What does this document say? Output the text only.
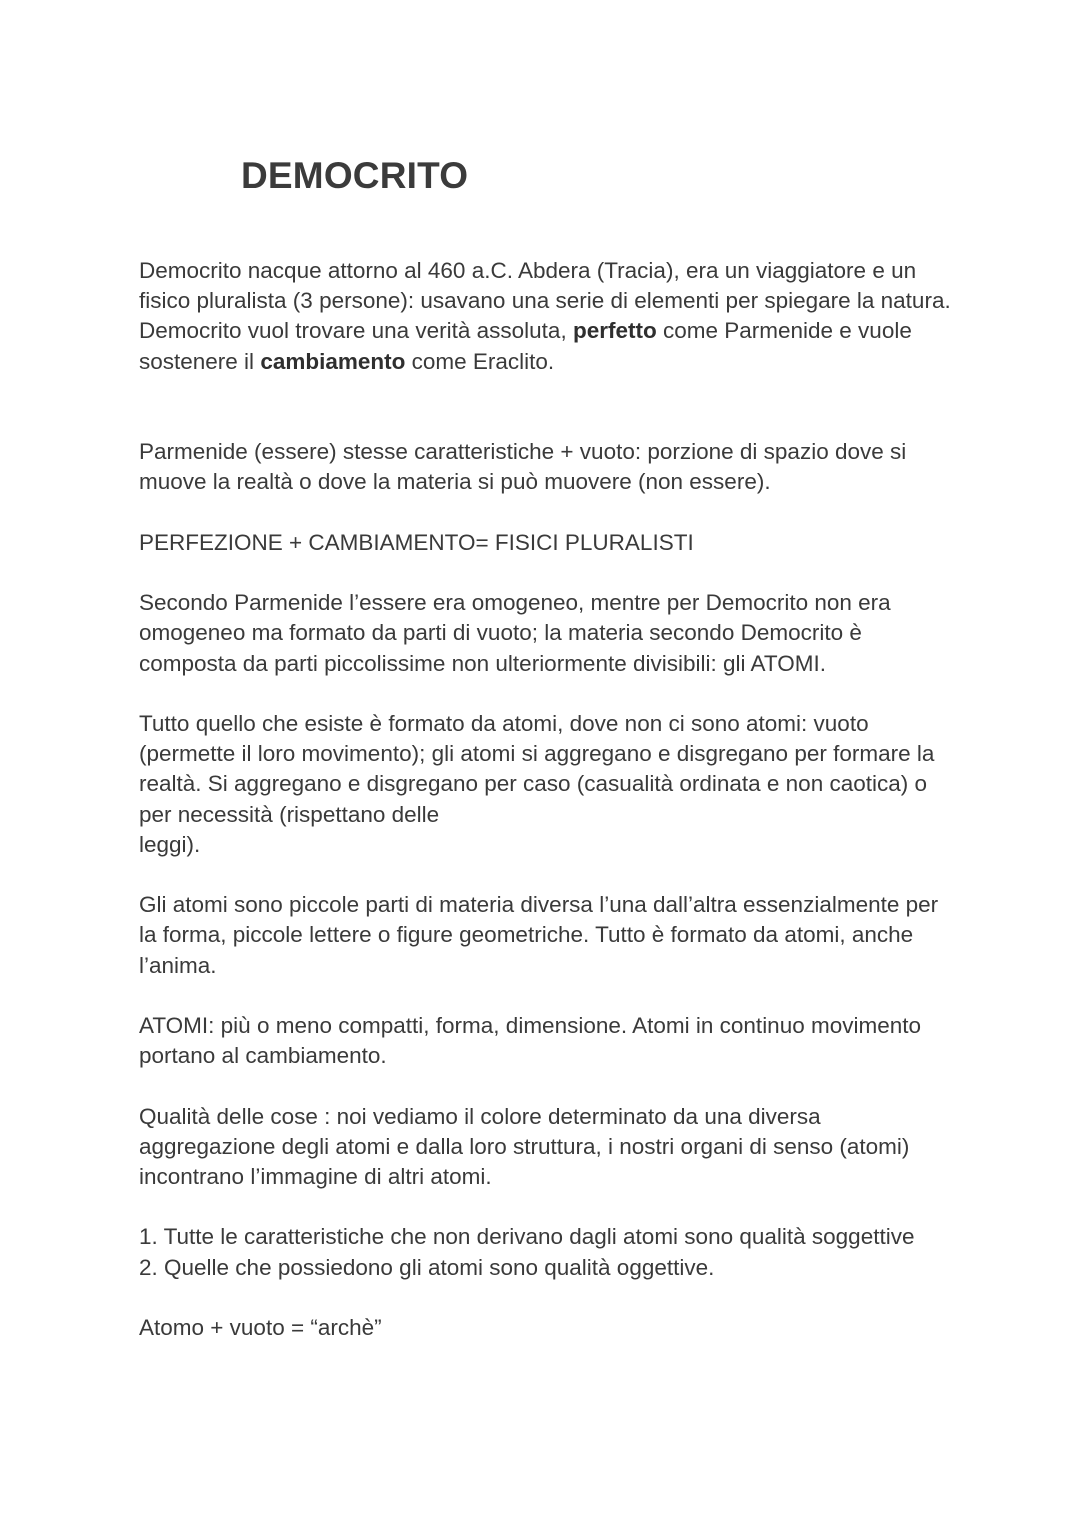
DEMOCRITO

Democrito nacque attorno al 460 a.C. Abdera (Tracia), era un viaggiatore e un fisico pluralista (3 persone): usavano una serie di elementi per spiegare la natura. Democrito vuol trovare una verità assoluta, perfetto come Parmenide e vuole sostenere il cambiamento come Eraclito.

Parmenide (essere) stesse caratteristiche + vuoto: porzione di spazio dove si muove la realtà o dove la materia si può muovere (non essere).

PERFEZIONE + CAMBIAMENTO= FISICI PLURALISTI

Secondo Parmenide l’essere era omogeneo, mentre per Democrito non era omogeneo ma formato da parti di vuoto; la materia secondo Democrito è composta da parti piccolissime non ulteriormente divisibili: gli ATOMI.

Tutto quello che esiste è formato da atomi, dove non ci sono atomi: vuoto (permette il loro movimento); gli atomi si aggregano e disgregano per formare la realtà. Si aggregano e disgregano per caso (casualità ordinata e non caotica) o per necessità (rispettano delle
leggi).

Gli atomi sono piccole parti di materia diversa l’una dall’altra essenzialmente per la forma, piccole lettere o figure geometriche. Tutto è formato da atomi, anche l’anima.

ATOMI: più o meno compatti, forma, dimensione. Atomi in continuo movimento portano al cambiamento.

Qualità delle cose : noi vediamo il colore determinato da una diversa aggregazione degli atomi e dalla loro struttura, i nostri organi di senso (atomi) incontrano l’immagine di altri atomi.

1. Tutte le caratteristiche che non derivano dagli atomi sono qualità soggettive

2. Quelle che possiedono gli atomi sono qualità oggettive.

Atomo + vuoto = “archè”
